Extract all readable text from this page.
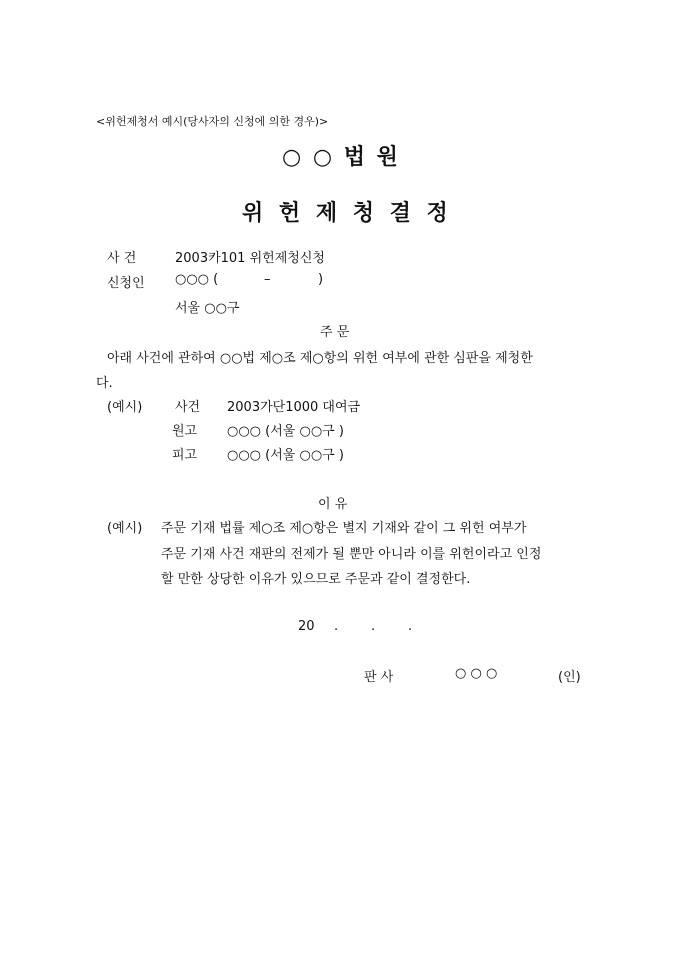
<위헌제청서 예시(당사자의 신청에 의한 경우)>
○ ○ 법 원
위 헌 제 청 결 정
사 건	2003카101 위헌제청신청
신청인 ○○○ (	–	)
서울 ○○구
주 문
아래 사건에 관하여 ○○법 제○조 제○항의 위헌 여부에 관한 심판을 제청한
다.
(예시)	사건 2003가단1000 대여금
원고 ○○○ (서울 ○○구 )
피고 ○○○ (서울 ○○구 )
이 유
(예시) 주문 기재 법률 제○조 제○항은 별지 기재와 같이 그 위헌 여부가
주문 기재 사건 재판의 전제가 될 뿐만 아니라 이를 위헌이라고 인정
할 만한 상당한 이유가 있으므로 주문과 같이 결정한다.
20 .	.	.
판 사	○ ○ ○	(인)
